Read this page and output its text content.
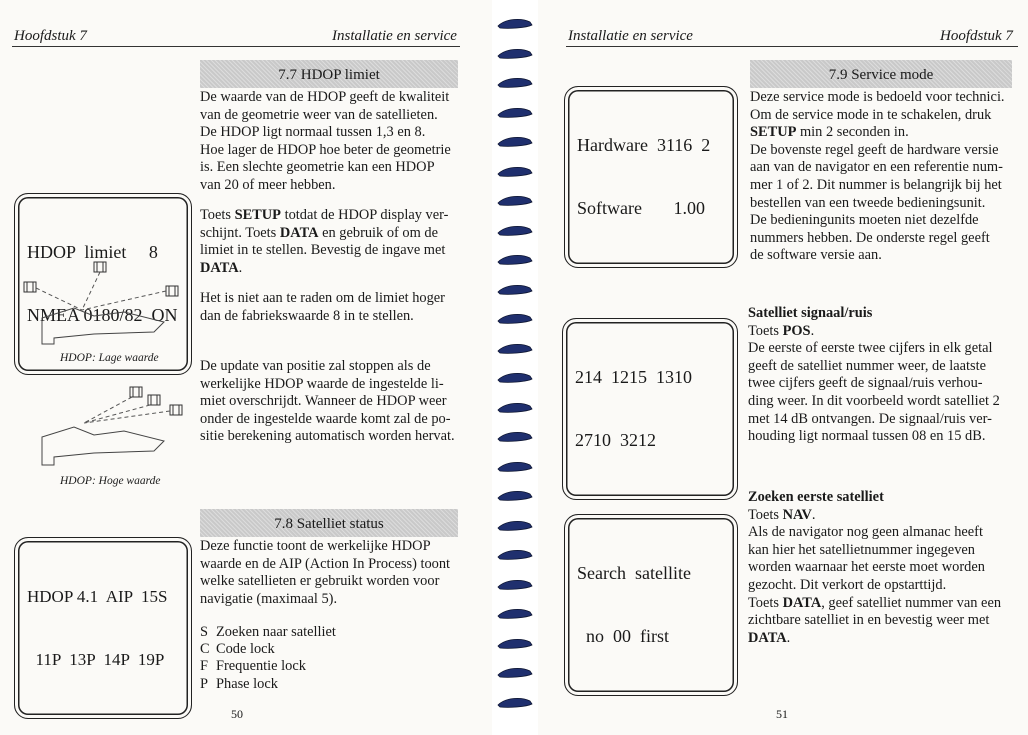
Hoofdstuk 7	Installatie en service
7.7 HDOP limiet
De waarde van de HDOP geeft de kwaliteit
van de geometrie weer van de satellieten.
De HDOP ligt normaal tussen 1,3 en 8.
Hoe lager de HDOP hoe beter de geometrie
is. Een slechte geometrie kan een HDOP
van 20 of meer hebben.
Toets SETUP totdat de HDOP display ver-
schijnt. Toets DATA en gebruik of om de
limiet in te stellen. Bevestig de ingave met
DATA.

HDOP  limiet     8

NMEA 0180/82  ON

HDOP: Lage waarde
Het is niet aan te raden om de limiet hoger
dan de fabriekswaarde 8 in te stellen.
De update van positie zal stoppen als de
werkelijke HDOP waarde de ingestelde li-
miet overschrijdt. Wanneer de HDOP weer
onder de ingestelde waarde komt zal de po-
sitie berekening automatisch worden hervat.
HDOP: Hoge waarde
7.8 Satelliet status
Deze functie toont de werkelijke HDOP
waarde en de AIP (Action In Process) toont
welke satellieten er gebruikt worden voor
navigatie (maximaal 5).

HDOP 4.1  AIP  15S

11P  13P  14P  19P

S Zoeken naar satelliet
C Code lock
F Frequentie lock
P Phase lock
50
Installatie en service	Hoofdstuk 7
7.9 Service mode
Deze service mode is bedoeld voor technici.
Om de service mode in te schakelen, druk
SETUP min 2 seconden in.
De bovenste regel geeft de hardware versie
aan van de navigator en een referentie num-
mer 1 of 2. Dit nummer is belangrijk bij het
bestellen van een tweede bedieningsunit.
De bedieningunits moeten niet dezelfde
nummers hebben. De onderste regel geeft
de software versie aan.

Hardware  3116  2

Software       1.00

Satelliet signaal/ruis
Toets POS.
De eerste of eerste twee cijfers in elk getal
geeft de satelliet nummer weer, de laatste
twee cijfers geeft de signaal/ruis verhou-
ding weer. In dit voorbeeld wordt satelliet 2
met 14 dB ontvangen. De signaal/ruis ver-
houding ligt normaal tussen 08 en 15 dB.

214  1215  1310

2710  3212

Zoeken eerste satelliet
Toets NAV.
Als de navigator nog geen almanac heeft
kan hier het satellietnummer ingegeven
worden waarnaar het eerste moet worden
gezocht. Dit verkort de opstarttijd.
Toets DATA, geef satelliet nummer van een
zichtbare satelliet in en bevestig weer met
DATA.

Search  satellite

no  00  first

51
